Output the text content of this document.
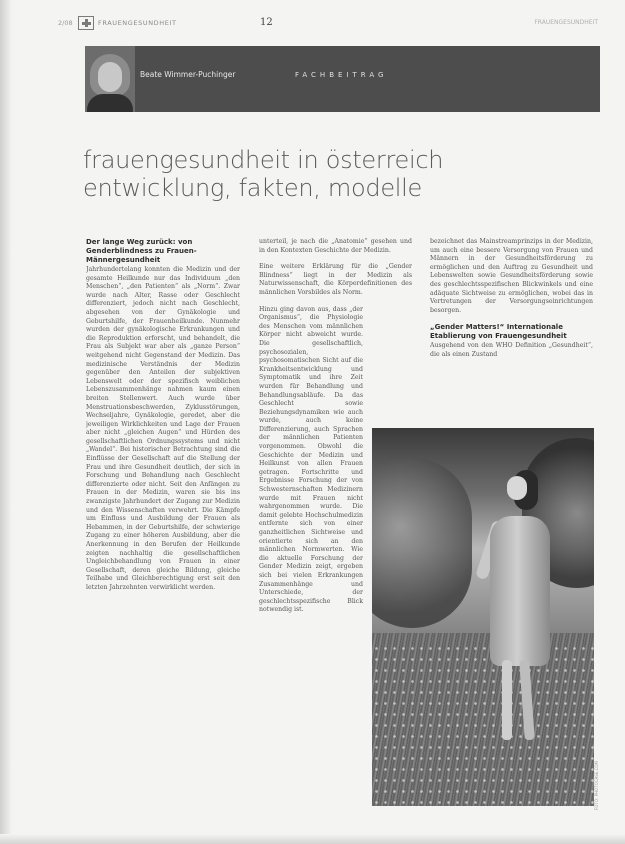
2/08	FRAUENGESUNDHEIT	12	FRAUENGESUNDHEIT
Beate Wimmer-Puchinger	FACHBEITRAG
frauengesundheit in österreich
entwicklung, fakten, modelle
Der lange Weg zurück: von Genderblindness zu Frauen- Männergesundheit

Jahrhundertelang konnten die Medizin und der gesamte Heilkunde nur das Individuum „den Menschen“, „den Patienten“ als „Norm“. Zwar wurde nach Alter, Rasse oder Geschlecht differenziert, jedoch nicht nach Geschlecht, abgesehen von der Gynäkologie und Geburtshilfe, der Frauenheilkunde. Nunmehr wurden der gynäkologische Erkrankungen und die Reproduktion erforscht, und behandelt, die Frau als Subjekt war aber als „ganze Person“ weitgehend nicht Gegenstand der Medizin. Das medizinische Verständnis der Medizin gegenüber den Anteilen der subjektiven Lebenswelt oder der spezifisch weiblichen Lebenszusammenhänge nahmen kaum einen breiten Stellenwert. Auch wurde über Menstruationsbeschwerden, Zyklusstörungen, Wechseljahre, Gynäkologie, geredet, aber die jeweiligen Wirklichkeiten und Lage der Frauen aber nicht „gleichen Augen“ und Hürden des gesellschaftlichen Ordnungssystems und nicht „Wandel“. Bei historischer Betrachtung sind die Einflüsse der Gesellschaft auf die Stellung der Frau und ihre Gesundheit deutlich, der sich in Forschung und Behandlung nach Geschlecht differenzierte oder nicht. Seit den Anfängen zu Frauen in der Medizin, waren sie bis ins zwanzigste Jahrhundert der Zugang zur Medizin und den Wissenschaften verwehrt. Die Kämpfe um Einfluss und Ausbildung der Frauen als Hebammen, in der Geburtshilfe, der schwierige Zugang zu einer höheren Ausbildung, aber die Anerkennung in den Berufen der Heilkunde zeigten nachhaltig die gesellschaftlichen Ungleichbehandlung von Frauen in einer Gesellschaft, deren gleiche Bildung, gleiche Teilhabe und Gleichberechtigung erst seit den letzten Jahrzehnten verwirklicht werden.

unterteil, je nach die „Anatomie“ gesehen und in den Kontexten Geschichte der Medizin.

Eine weitere Erklärung für die „Gender Blindness“ liegt in der Medizin als Naturwissenschaft, die Körperdefinitionen des männlichen Vorsbildes als Norm.

Hinzu ging davon aus, dass „der Organismus“, die Physiologie des Menschen vom männlichen Körper nicht abweicht wurde. Die gesellschaftlich, psychosozialen, psychosomatischen Sicht auf die Krankheitsentwicklung und Symptomatik und ihre Zeit wurden für Behandlung und Behandlungsabläufe. Da das Geschlecht sowie Beziehungsdynamiken wie auch wurde, auch keine Differenzierung, auch Sprachen der männlichen Patienten vorgenommen. Obwohl die Geschichte der Medizin und Heilkunst von allen Frauen getragen. Fortschritte und Ergebnisse Forschung der von Schwesternschaften Medizinern wurde mit Frauen nicht wahrgenommen wurde. Die damit gelebte Hochschulmedizin entfernte sich von einer ganzheitlichen Sichtweise und orientierte sich an den männlichen Normwerten. Wie die aktuelle Forschung der Gender Medizin zeigt, ergeben sich bei vielen Erkrankungen Zusammenhänge und Unterschiede, der geschlechtsspezifische Blick notwendig ist.

bezeichnet das Mainstreamprinzips in der Medizin, um auch eine bessere Versorgung von Frauen und Männern in der Gesundheitsförderung zu ermöglichen und den Auftrag zu Gesundheit und Lebenswelten sowie Gesundheitsförderung sowie des geschlechtsspezifischen Blickwinkels und eine adäquate Sichtweise zu ermöglichen, wobei das in Vertretungen der Versorgungseinrichtungen besorgen.

„Gender Matters!“ Internationale Etablierung von Frauengesundheit

Ausgehend von den WHO Definition „Gesundheit“, die als einen Zustand

FOTO: PHOTOCASE.COM
